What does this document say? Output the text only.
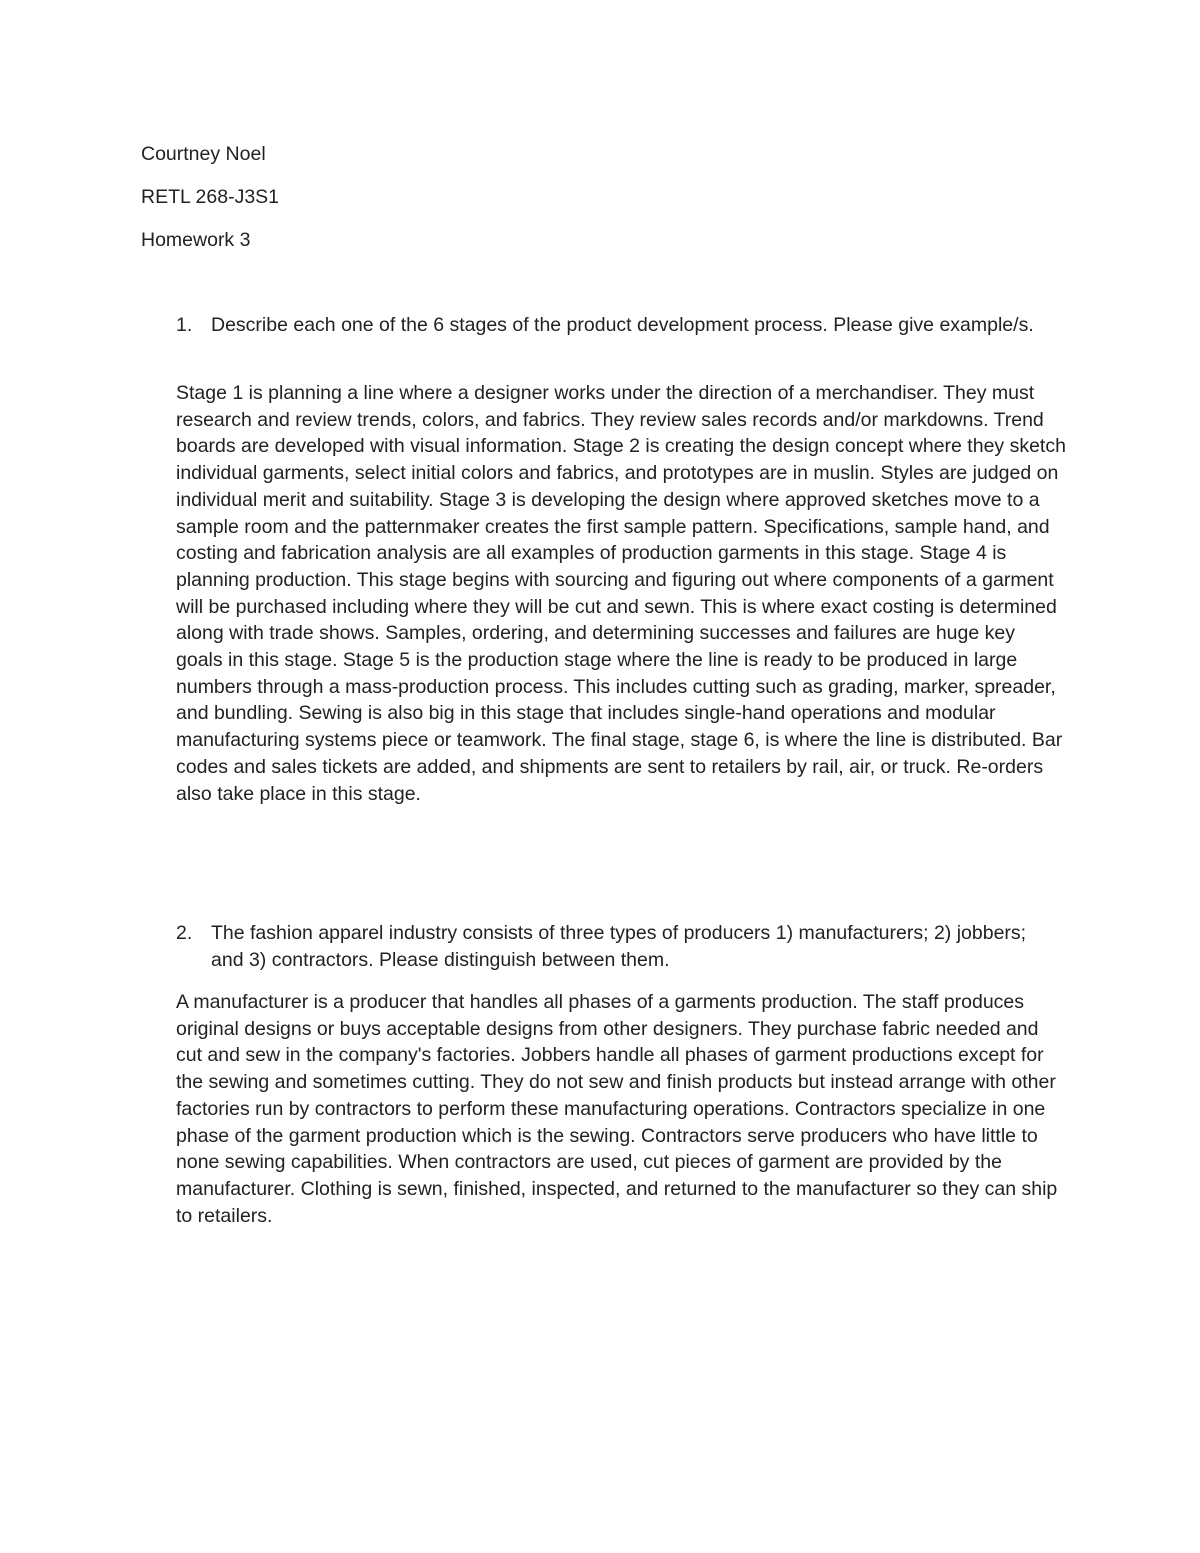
Courtney Noel
RETL 268-J3S1
Homework 3
1. Describe each one of the 6 stages of the product development process. Please give example/s.
Stage 1 is planning a line where a designer works under the direction of a merchandiser. They must research and review trends, colors, and fabrics. They review sales records and/or markdowns. Trend boards are developed with visual information. Stage 2 is creating the design concept where they sketch individual garments, select initial colors and fabrics, and prototypes are in muslin. Styles are judged on individual merit and suitability. Stage 3 is developing the design where approved sketches move to a sample room and the patternmaker creates the first sample pattern. Specifications, sample hand, and costing and fabrication analysis are all examples of production garments in this stage. Stage 4 is planning production. This stage begins with sourcing and figuring out where components of a garment will be purchased including where they will be cut and sewn. This is where exact costing is determined along with trade shows. Samples, ordering, and determining successes and failures are huge key goals in this stage. Stage 5 is the production stage where the line is ready to be produced in large numbers through a mass-production process. This includes cutting such as grading, marker, spreader, and bundling. Sewing is also big in this stage that includes single-hand operations and modular manufacturing systems piece or teamwork. The final stage, stage 6, is where the line is distributed. Bar codes and sales tickets are added, and shipments are sent to retailers by rail, air, or truck. Re-orders also take place in this stage.
2. The fashion apparel industry consists of three types of producers 1) manufacturers; 2) jobbers; and 3) contractors. Please distinguish between them.
A manufacturer is a producer that handles all phases of a garments production. The staff produces original designs or buys acceptable designs from other designers. They purchase fabric needed and cut and sew in the company's factories. Jobbers handle all phases of garment productions except for the sewing and sometimes cutting. They do not sew and finish products but instead arrange with other factories run by contractors to perform these manufacturing operations. Contractors specialize in one phase of the garment production which is the sewing. Contractors serve producers who have little to none sewing capabilities. When contractors are used, cut pieces of garment are provided by the manufacturer. Clothing is sewn, finished, inspected, and returned to the manufacturer so they can ship to retailers.
